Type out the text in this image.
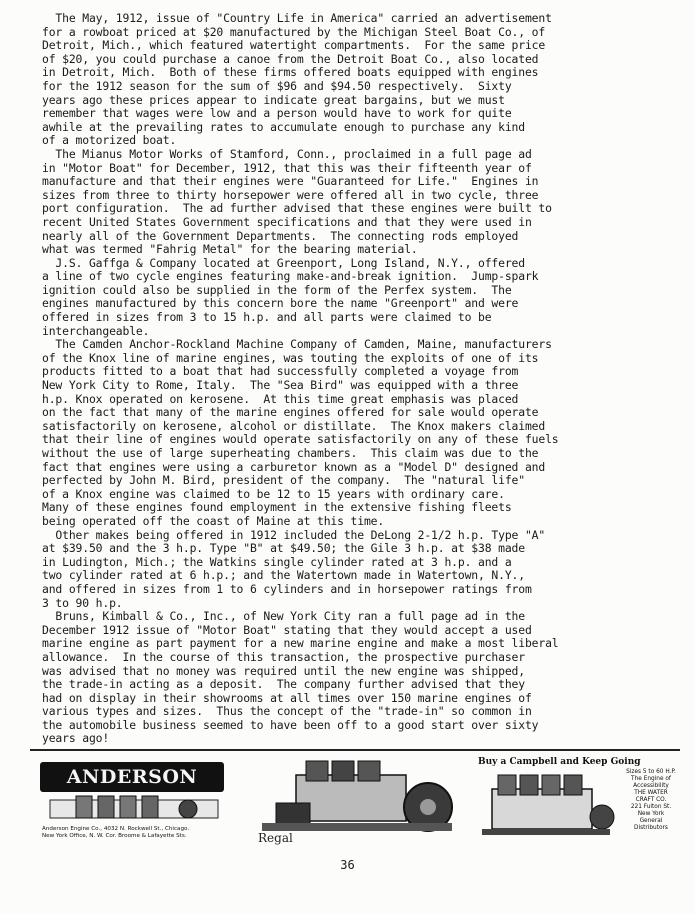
The May, 1912, issue of "Country Life in America" carried an advertisement
for a rowboat priced at $20 manufactured by the Michigan Steel Boat Co., of
Detroit, Mich., which featured watertight compartments.  For the same price
of $20, you could purchase a canoe from the Detroit Boat Co., also located
in Detroit, Mich.  Both of these firms offered boats equipped with engines
for the 1912 season for the sum of $96 and $94.50 respectively.  Sixty
years ago these prices appear to indicate great bargains, but we must
remember that wages were low and a person would have to work for quite
awhile at the prevailing rates to accumulate enough to purchase any kind
of a motorized boat.
The Mianus Motor Works of Stamford, Conn., proclaimed in a full page ad
in "Motor Boat" for December, 1912, that this was their fifteenth year of
manufacture and that their engines were "Guaranteed for Life."  Engines in
sizes from three to thirty horsepower were offered all in two cycle, three
port configuration.  The ad further advised that these engines were built to
recent United States Government specifications and that they were used in
nearly all of the Government Departments.  The connecting rods employed
what was termed "Fahrig Metal" for the bearing material.
J.S. Gaffga & Company located at Greenport, Long Island, N.Y., offered
a line of two cycle engines featuring make-and-break ignition.  Jump-spark
ignition could also be supplied in the form of the Perfex system.  The
engines manufactured by this concern bore the name "Greenport" and were
offered in sizes from 3 to 15 h.p. and all parts were claimed to be
interchangeable.
The Camden Anchor-Rockland Machine Company of Camden, Maine, manufacturers
of the Knox line of marine engines, was touting the exploits of one of its
products fitted to a boat that had successfully completed a voyage from
New York City to Rome, Italy.  The "Sea Bird" was equipped with a three
h.p. Knox operated on kerosene.  At this time great emphasis was placed
on the fact that many of the marine engines offered for sale would operate
satisfactorily on kerosene, alcohol or distillate.  The Knox makers claimed
that their line of engines would operate satisfactorily on any of these fuels
without the use of large superheating chambers.  This claim was due to the
fact that engines were using a carburetor known as a "Model D" designed and
perfected by John M. Bird, president of the company.  The "natural life"
of a Knox engine was claimed to be 12 to 15 years with ordinary care.
Many of these engines found employment in the extensive fishing fleets
being operated off the coast of Maine at this time.
Other makes being offered in 1912 included the DeLong 2-1/2 h.p. Type "A"
at $39.50 and the 3 h.p. Type "B" at $49.50; the Gile 3 h.p. at $38 made
in Ludington, Mich.; the Watkins single cylinder rated at 3 h.p. and a
two cylinder rated at 6 h.p.; and the Watertown made in Watertown, N.Y.,
and offered in sizes from 1 to 6 cylinders and in horsepower ratings from
3 to 90 h.p.
Bruns, Kimball & Co., Inc., of New York City ran a full page ad in the
December 1912 issue of "Motor Boat" stating that they would accept a used
marine engine as part payment for a new marine engine and make a most liberal
allowance.  In the course of this transaction, the prospective purchaser
was advised that no money was required until the new engine was shipped,
the trade-in acting as a deposit.  The company further advised that they
had on display in their showrooms at all times over 150 marine engines of
various types and sizes.  Thus the concept of the "trade-in" so common in
the automobile business seemed to have been off to a good start over sixty
years ago!
ANDERSON
Anderson Engine Co., 4032 N. Rockwell St., Chicago.
New York Office, N. W. Cor. Broome & Lafayette Sts.	Regal
Buy a Campbell and Keep Going
Sizes 5 to 60 H.P.
The Engine of
Accessibility
THE WATER
CRAFT CO.
221 Fulton St.
New York
General
Distributors
36
